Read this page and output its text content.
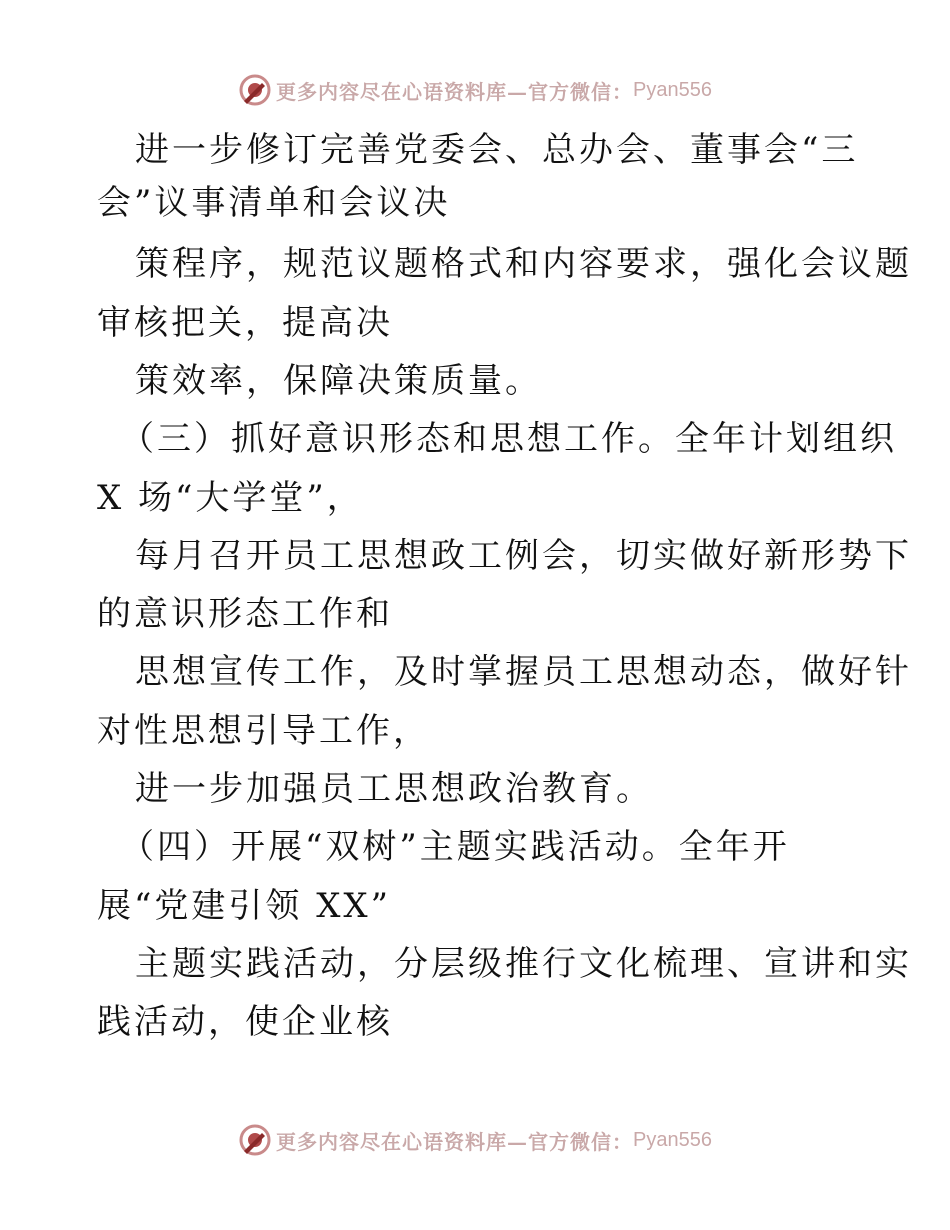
更多内容尽在心语资料库—官方微信： Pyan556
进一步修订完善党委会、总办会、董事会“三
会”议事清单和会议决
策程序，规范议题格式和内容要求，强化会议题
审核把关，提高决
策效率，保障决策质量。
（三）抓好意识形态和思想工作。全年计划组织
X 场“大学堂”，
每月召开员工思想政工例会，切实做好新形势下
的意识形态工作和
思想宣传工作，及时掌握员工思想动态，做好针
对性思想引导工作，
进一步加强员工思想政治教育。
（四）开展“双树”主题实践活动。全年开
展“党建引领 XX”
主题实践活动，分层级推行文化梳理、宣讲和实
践活动，使企业核
更多内容尽在心语资料库—官方微信： Pyan556
